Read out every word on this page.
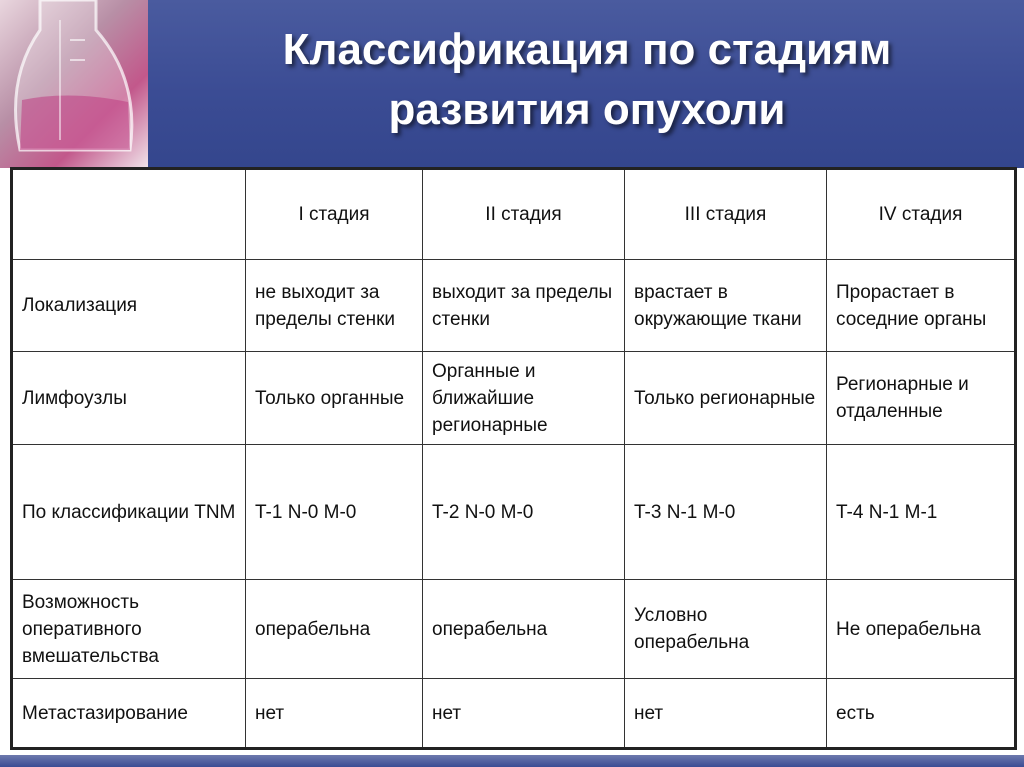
Классификация по стадиям
развития опухоли
	I стадия	II стадия	III стадия	IV стадия
Локализация	не выходит за пределы стенки	выходит за пределы стенки	врастает в окружающие ткани	Прорастает в соседние органы
Лимфоузлы	Только органные	Органные и ближайшие регионарные	Только регионарные	Регионарные и отдаленные
По классификации TNM	T-1 N-0 M-0	T-2 N-0 M-0	T-3 N-1 M-0	T-4 N-1 M-1
Возможность оперативного вмешательства	операбельна	операбельна	Условно операбельна	Не операбельна
Метастазирование	нет	нет	нет	есть
